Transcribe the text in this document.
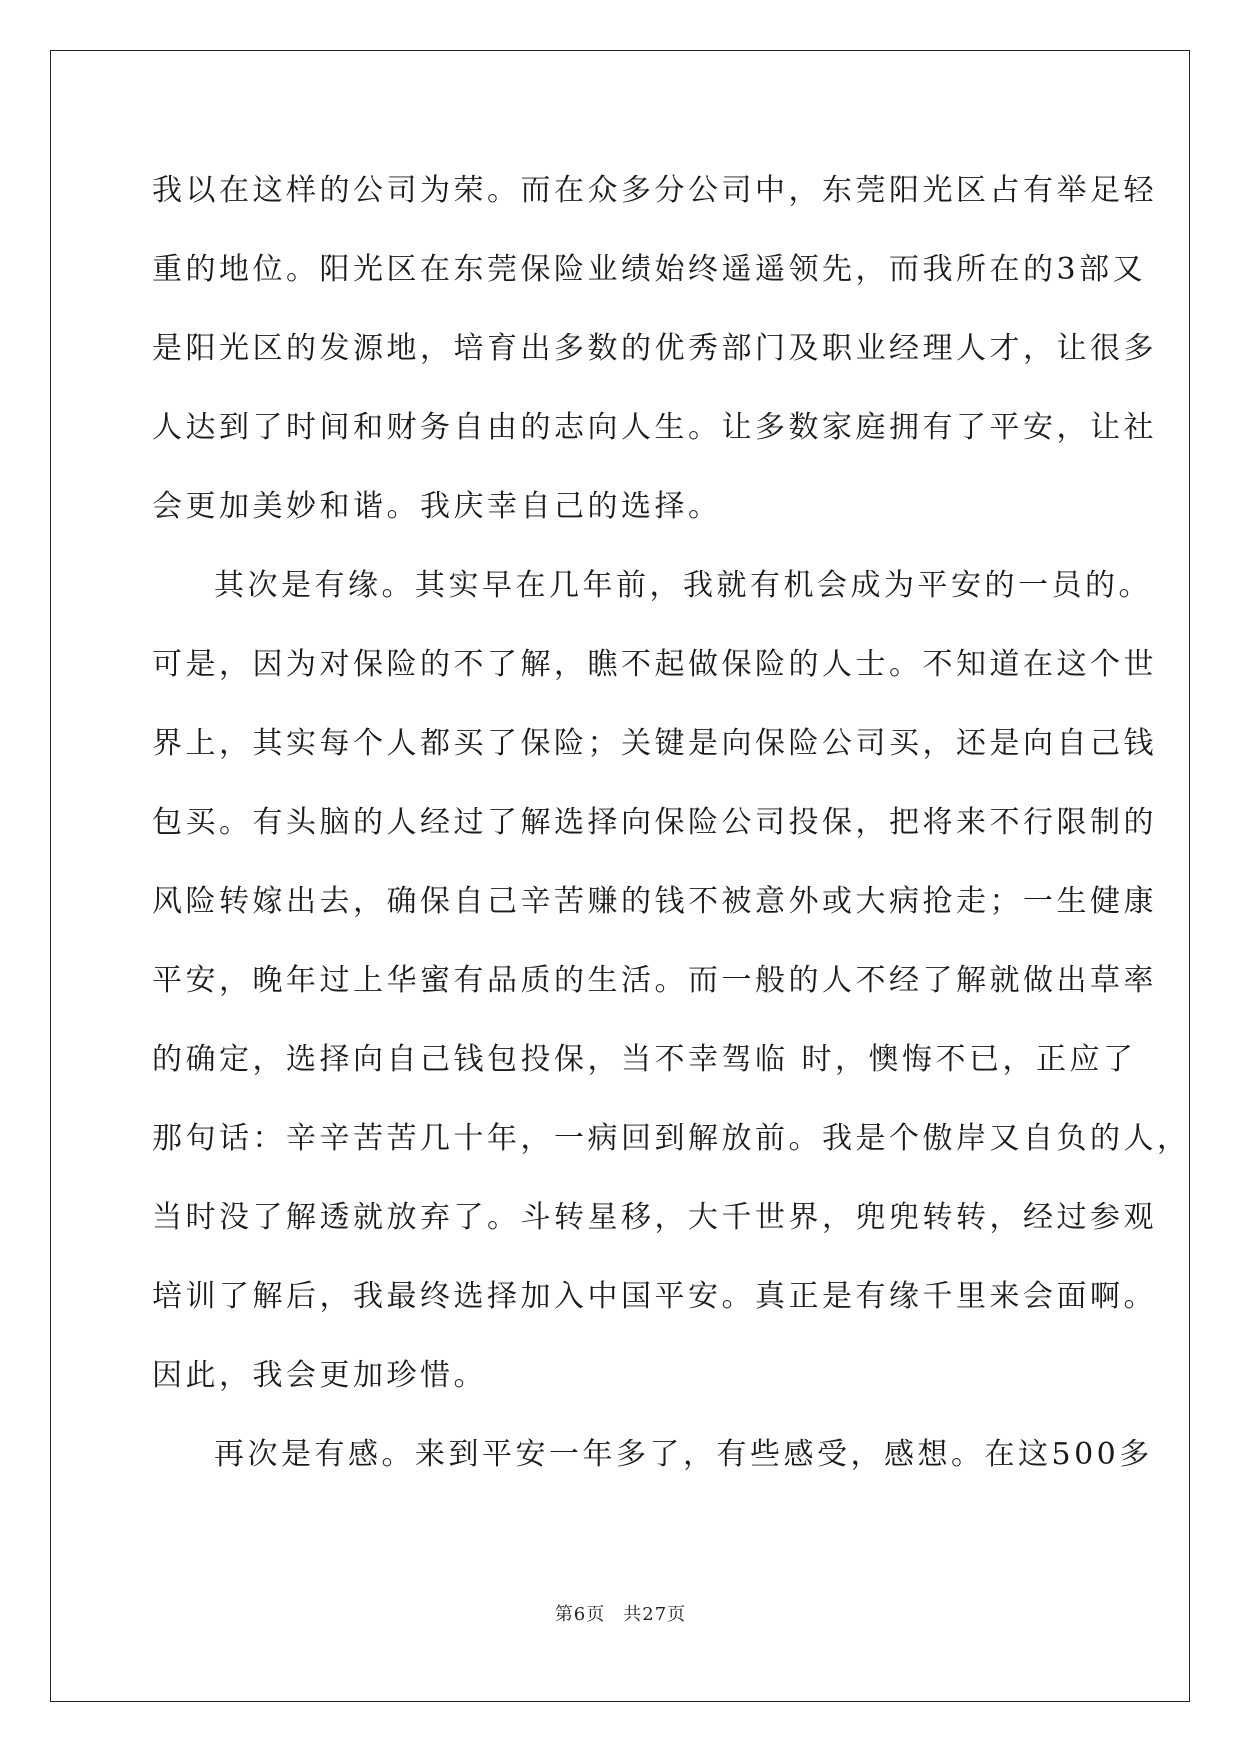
我以在这样的公司为荣。而在众多分公司中，东莞阳光区占有举足轻
重的地位。阳光区在东莞保险业绩始终遥遥领先，而我所在的3部又
是阳光区的发源地，培育出多数的优秀部门及职业经理人才，让很多
人达到了时间和财务自由的志向人生。让多数家庭拥有了平安，让社
会更加美妙和谐。我庆幸自己的选择。
其次是有缘。其实早在几年前，我就有机会成为平安的一员的。
可是，因为对保险的不了解，瞧不起做保险的人士。不知道在这个世
界上，其实每个人都买了保险；关键是向保险公司买，还是向自己钱
包买。有头脑的人经过了解选择向保险公司投保，把将来不行限制的
风险转嫁出去，确保自己辛苦赚的钱不被意外或大病抢走；一生健康
平安，晚年过上华蜜有品质的生活。而一般的人不经了解就做出草率
的确定，选择向自己钱包投保，当不幸驾临 时，懊悔不已，正应了
那句话：辛辛苦苦几十年，一病回到解放前。我是个傲岸又自负的人，
当时没了解透就放弃了。斗转星移，大千世界，兜兜转转，经过参观
培训了解后，我最终选择加入中国平安。真正是有缘千里来会面啊。
因此，我会更加珍惜。
再次是有感。来到平安一年多了，有些感受，感想。在这500多
第6页 共27页
